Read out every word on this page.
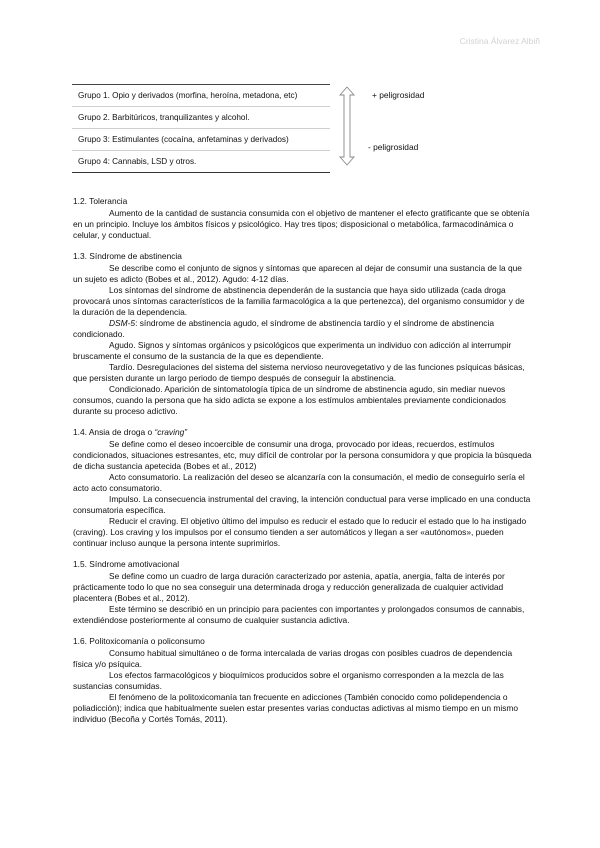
Cristina Álvarez Albiñ
Grupo 1. Opio y derivados (morfina, heroína, metadona, etc)
Grupo 2. Barbitúricos, tranquilizantes y alcohol.
Grupo 3: Estimulantes (cocaína, anfetaminas y derivados)
Grupo 4: Cannabis, LSD y otros.
+ peligrosidad
- peligrosidad
1.2. Tolerancia

Aumento de la cantidad de sustancia consumida con el objetivo de mantener el efecto gratificante que se obtenía en un principio. Incluye los ámbitos físicos y psicológico. Hay tres tipos; disposicional o metabólica, farmacodinámica o celular, y conductual.

1.3. Síndrome de abstinencia

Se describe como el conjunto de signos y síntomas que aparecen al dejar de consumir una sustancia de la que un sujeto es adicto (Bobes et al., 2012). Agudo: 4-12 días.

Los síntomas del síndrome de abstinencia dependerán de la sustancia que haya sido utilizada (cada droga provocará unos síntomas característicos de la familia farmacológica a la que pertenezca), del organismo consumidor y de la duración de la dependencia.

DSM-5: síndrome de abstinencia agudo, el síndrome de abstinencia tardío y el síndrome de abstinencia condicionado.

Agudo. Signos y síntomas orgánicos y psicológicos que experimenta un individuo con adicción al interrumpir bruscamente el consumo de la sustancia de la que es dependiente.

Tardío. Desregulaciones del sistema del sistema nervioso neurovegetativo y de las funciones psíquicas básicas, que persisten durante un largo periodo de tiempo después de conseguir la abstinencia.

Condicionado. Aparición de sintomatología típica de un síndrome de abstinencia agudo, sin mediar nuevos consumos, cuando la persona que ha sido adicta se expone a los estímulos ambientales previamente condicionados durante su proceso adictivo.

1.4. Ansia de droga o “craving”

Se define como el deseo incoercible de consumir una droga, provocado por ideas, recuerdos, estímulos condicionados, situaciones estresantes, etc, muy difícil de controlar por la persona consumidora y que propicia la búsqueda de dicha sustancia apetecida (Bobes et al., 2012)

Acto consumatorio. La realización del deseo se alcanzaría con la consumación, el medio de conseguirlo sería el acto acto consumatorio.

Impulso. La consecuencia instrumental del craving, la intención conductual para verse implicado en una conducta consumatoria específica.

Reducir el craving. El objetivo último del impulso es reducir el estado que lo reducir el estado que lo ha instigado (craving). Los craving y los impulsos por el consumo tienden a ser automáticos y llegan a ser «autónomos», pueden continuar incluso aunque la persona intente suprimirlos.

1.5. Síndrome amotivacional

Se define como un cuadro de larga duración caracterizado por astenia, apatía, anergia, falta de interés por prácticamente todo lo que no sea conseguir una determinada droga y reducción generalizada de cualquier actividad placentera (Bobes et al., 2012).

Este término se describió en un principio para pacientes con importantes y prolongados consumos de cannabis, extendiéndose posteriormente al consumo de cualquier sustancia adictiva.

1.6. Politoxicomanía o policonsumo

Consumo habitual simultáneo o de forma intercalada de varias drogas con posibles cuadros de dependencia física y/o psíquica.

Los efectos farmacológicos y bioquímicos producidos sobre el organismo corresponden a la mezcla de las sustancias consumidas.

El fenómeno de la politoxicomanía tan frecuente en adicciones (También conocido como polidependencia o poliadicción); indica que habitualmente suelen estar presentes varias conductas adictivas al mismo tiempo en un mismo individuo (Becoña y Cortés Tomás, 2011).
